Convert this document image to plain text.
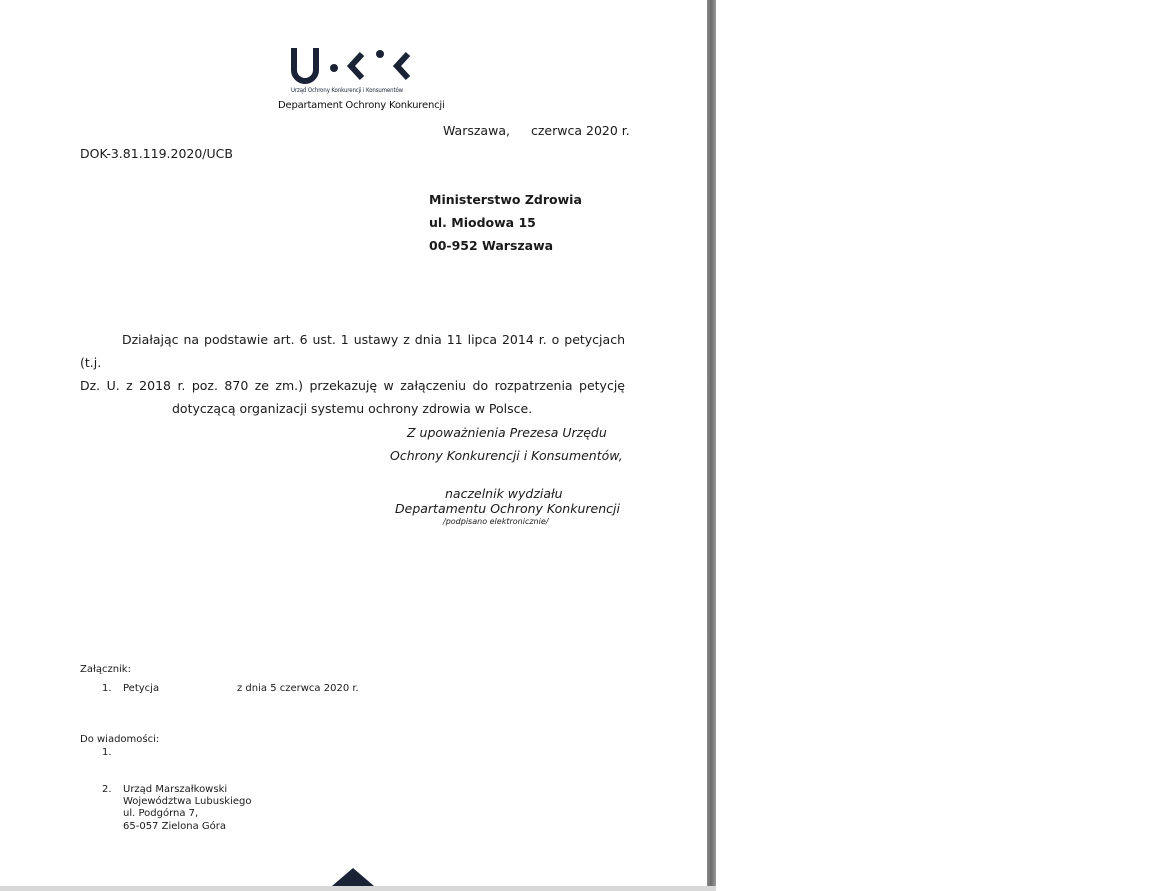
Urząd Ochrony Konkurencji i Konsumentów
Departament Ochrony Konkurencji
Warszawa, czerwca 2020 r.
DOK-3.81.119.2020/UCB
Ministerstwo Zdrowia
ul. Miodowa 15
00-952 Warszawa
Działając na podstawie art. 6 ust. 1 ustawy z dnia 11 lipca 2014 r. o petycjach (t.j.
Dz. U. z 2018 r. poz. 870 ze zm.) przekazuję w załączeniu do rozpatrzenia petycję
dotyczącą organizacji systemu ochrony zdrowia w Polsce.
Z upoważnienia Prezesa Urzędu
Ochrony Konkurencji i Konsumentów,
naczelnik wydziału
Departamentu Ochrony Konkurencji
/podpisano elektronicznie/
Załącznik:
1. Petycja	z dnia 5 czerwca 2020 r.
Do wiadomości:
1.
2. Urząd Marszałkowski
Województwa Lubuskiego
ul. Podgórna 7,
65-057 Zielona Góra
